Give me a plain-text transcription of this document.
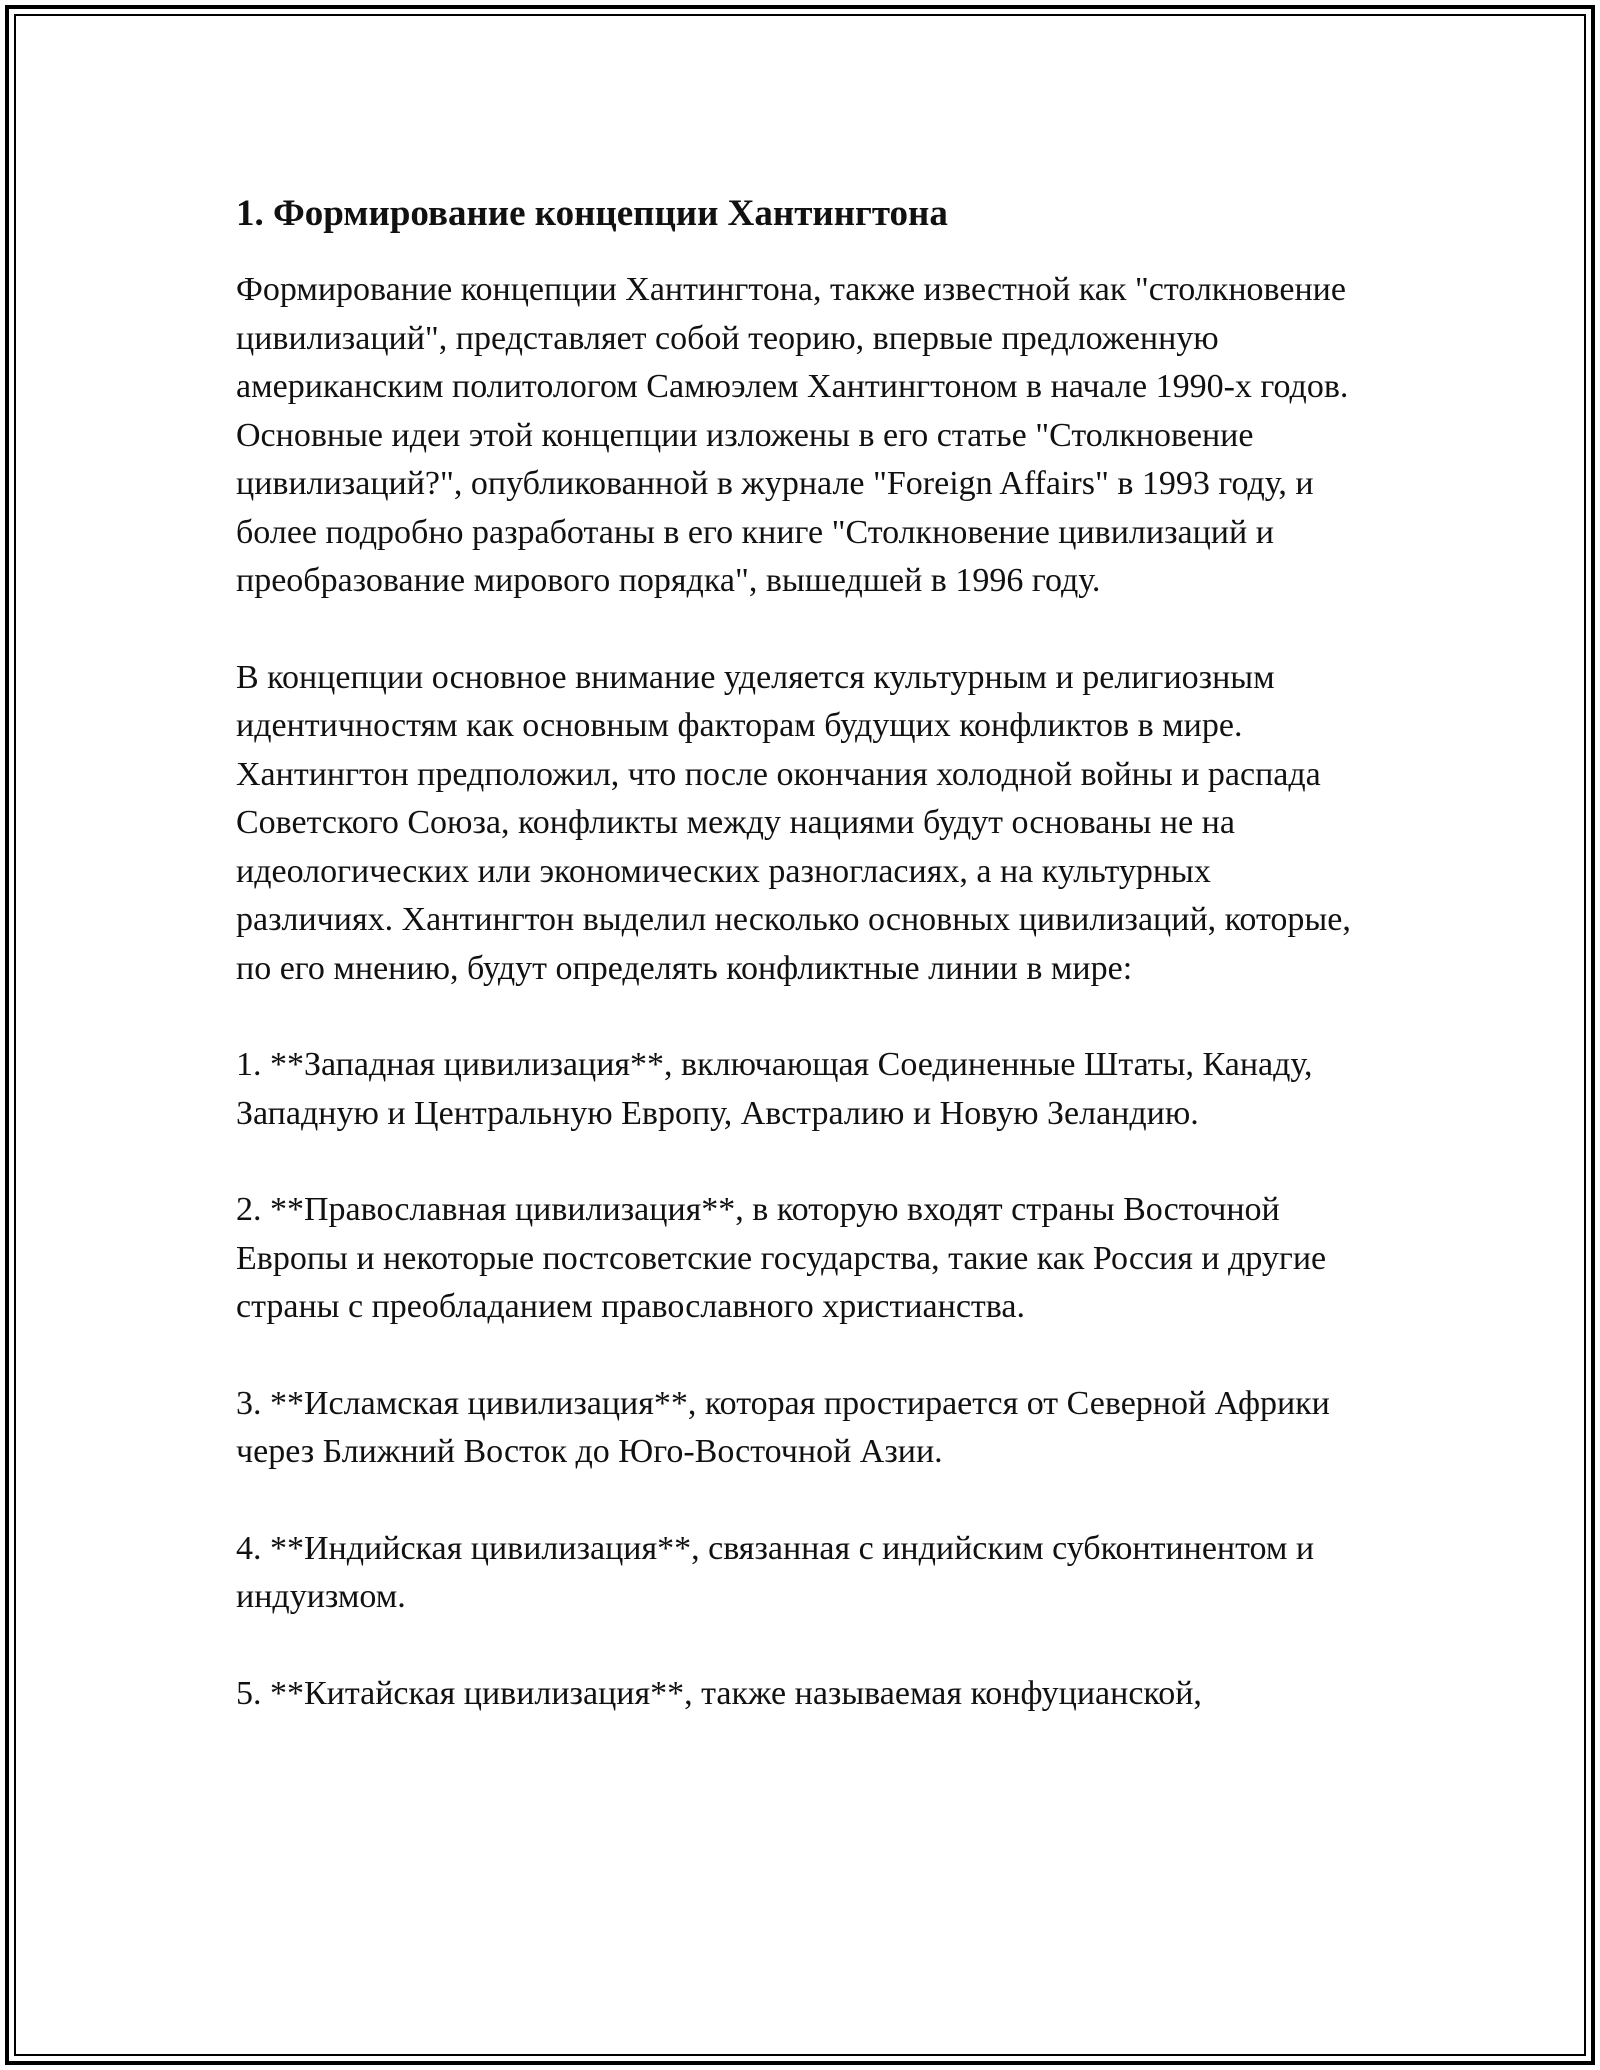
1. Формирование концепции Хантингтона

Формирование концепции Хантингтона, также известной как "столкновение цивилизаций", представляет собой теорию, впервые предложенную американским политологом Самюэлем Хантингтоном в начале 1990-х годов. Основные идеи этой концепции изложены в его статье "Столкновение цивилизаций?", опубликованной в журнале "Foreign Affairs" в 1993 году, и более подробно разработаны в его книге "Столкновение цивилизаций и преобразование мирового порядка", вышедшей в 1996 году.

В концепции основное внимание уделяется культурным и религиозным идентичностям как основным факторам будущих конфликтов в мире. Хантингтон предположил, что после окончания холодной войны и распада Советского Союза, конфликты между нациями будут основаны не на идеологических или экономических разногласиях, а на культурных различиях. Хантингтон выделил несколько основных цивилизаций, которые, по его мнению, будут определять конфликтные линии в мире:

1. **Западная цивилизация**, включающая Соединенные Штаты, Канаду, Западную и Центральную Европу, Австралию и Новую Зеландию.

2. **Православная цивилизация**, в которую входят страны Восточной Европы и некоторые постсоветские государства, такие как Россия и другие страны с преобладанием православного христианства.

3. **Исламская цивилизация**, которая простирается от Северной Африки через Ближний Восток до Юго-Восточной Азии.

4. **Индийская цивилизация**, связанная с индийским субконтинентом и индуизмом.

5. **Китайская цивилизация**, также называемая конфуцианской,
